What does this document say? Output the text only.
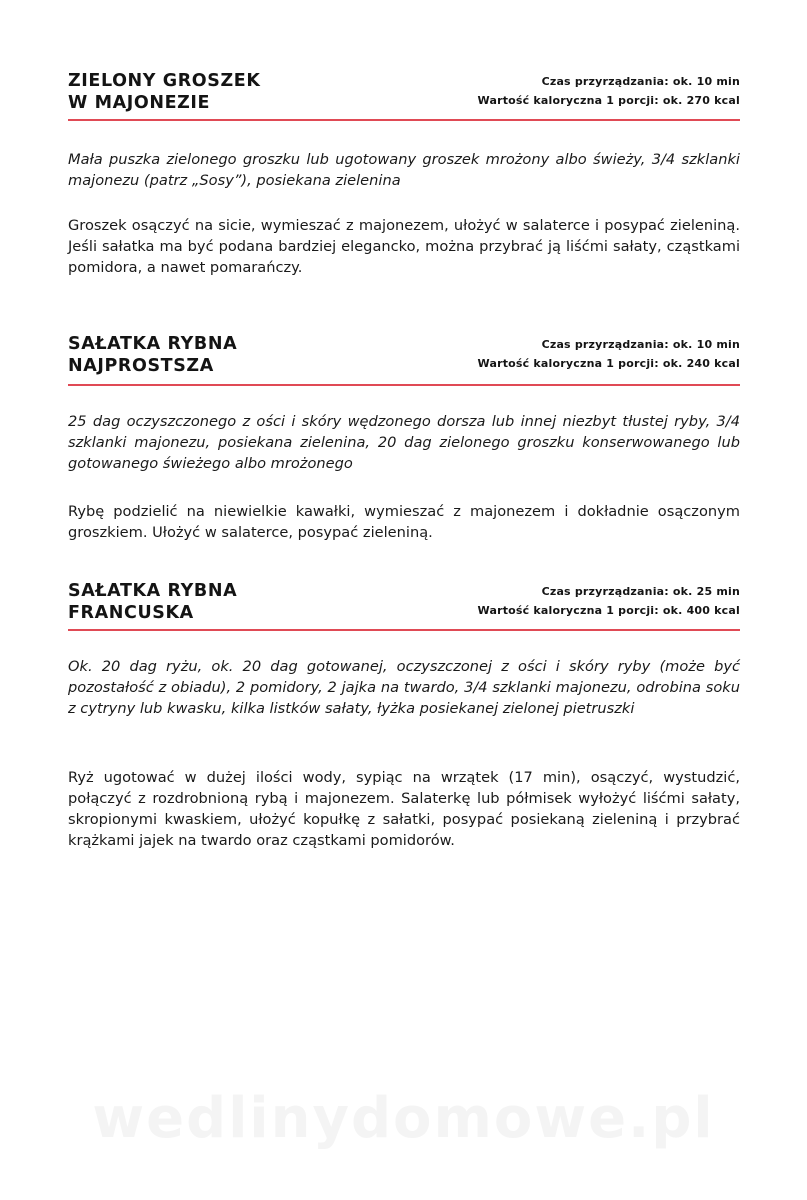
ZIELONY GROSZEK
W MAJONEZIE
Czas przyrządzania: ok. 10 min
Wartość kaloryczna 1 porcji: ok. 270 kcal
Mała puszka zielonego groszku lub ugotowany groszek mrożony albo świeży, 3/4 szklanki majonezu (patrz „Sosy”), posiekana zielenina
Groszek osączyć na sicie, wymieszać z majonezem, ułożyć w salaterce i posypać zieleniną. Jeśli sałatka ma być podana bardziej elegancko, można przybrać ją liśćmi sałaty, cząstkami pomidora, a nawet pomarańczy.
SAŁATKA RYBNA
NAJPROSTSZA
Czas przyrządzania: ok. 10 min
Wartość kaloryczna 1 porcji: ok. 240 kcal
25 dag oczyszczonego z ości i skóry wędzonego dorsza lub innej niezbyt tłustej ryby, 3/4 szklanki majonezu, posiekana zielenina, 20 dag zielonego groszku konserwowanego lub gotowanego świeżego albo mrożonego
Rybę podzielić na niewielkie kawałki, wymieszać z majonezem i dokładnie osączonym groszkiem. Ułożyć w salaterce, posypać zieleniną.
SAŁATKA RYBNA
FRANCUSKA
Czas przyrządzania: ok. 25 min
Wartość kaloryczna 1 porcji: ok. 400 kcal
Ok. 20 dag ryżu, ok. 20 dag gotowanej, oczyszczonej z ości i skóry ryby (może być pozostałość z obiadu), 2 pomidory, 2 jajka na twardo, 3/4 szklanki majonezu, odrobina soku z cytryny lub kwasku, kilka listków sałaty, łyżka posiekanej zielonej pietruszki
Ryż ugotować w dużej ilości wody, sypiąc na wrzątek (17 min), osączyć, wystudzić, połączyć z rozdrobnioną rybą i majonezem. Salaterkę lub półmisek wyłożyć liśćmi sałaty, skropionymi kwaskiem, ułożyć kopułkę z sałatki, posypać posiekaną zieleniną i przybrać krążkami jajek na twardo oraz cząstkami pomidorów.
wedlinydomowe.pl
